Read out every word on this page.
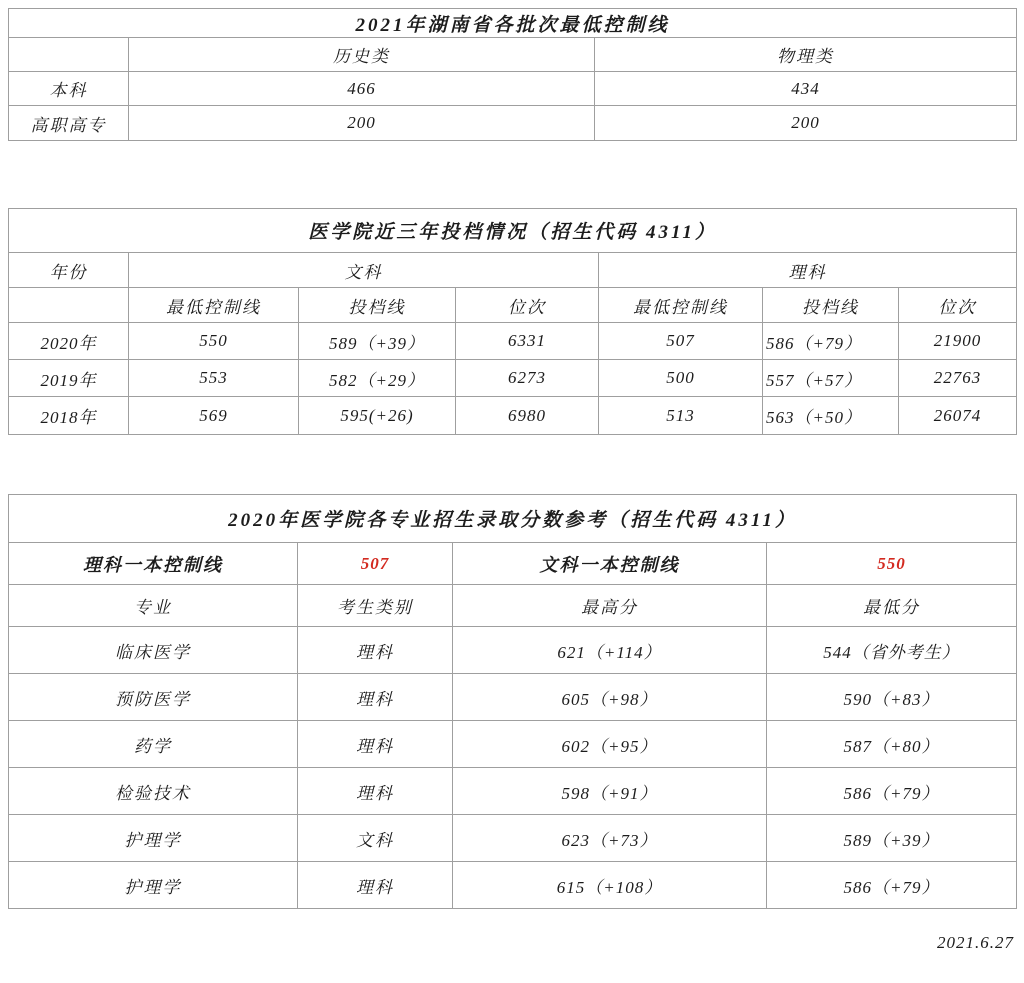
2021年湖南省各批次最低控制线		
	历史类	物理类
本科	466	434
高职高专	200	200
医学院近三年投档情况（招生代码 4311）						
年份	文科			理科		
	最低控制线	投档线	位次	最低控制线	投档线	位次
2020年	550	589（+39）	6331	507	586（+79）	21900
2019年	553	582（+29）	6273	500	557（+57）	22763
2018年	569	595(+26)	6980	513	563（+50）	26074
2020年医学院各专业招生录取分数参考（招生代码 4311）			
理科一本控制线	507	文科一本控制线	550
专业	考生类别	最高分	最低分
临床医学	理科	621（+114）	544（省外考生）
预防医学	理科	605（+98）	590（+83）
药学	理科	602（+95）	587（+80）
检验技术	理科	598（+91）	586（+79）
护理学	文科	623（+73）	589（+39）
护理学	理科	615（+108）	586（+79）
2021.6.27
